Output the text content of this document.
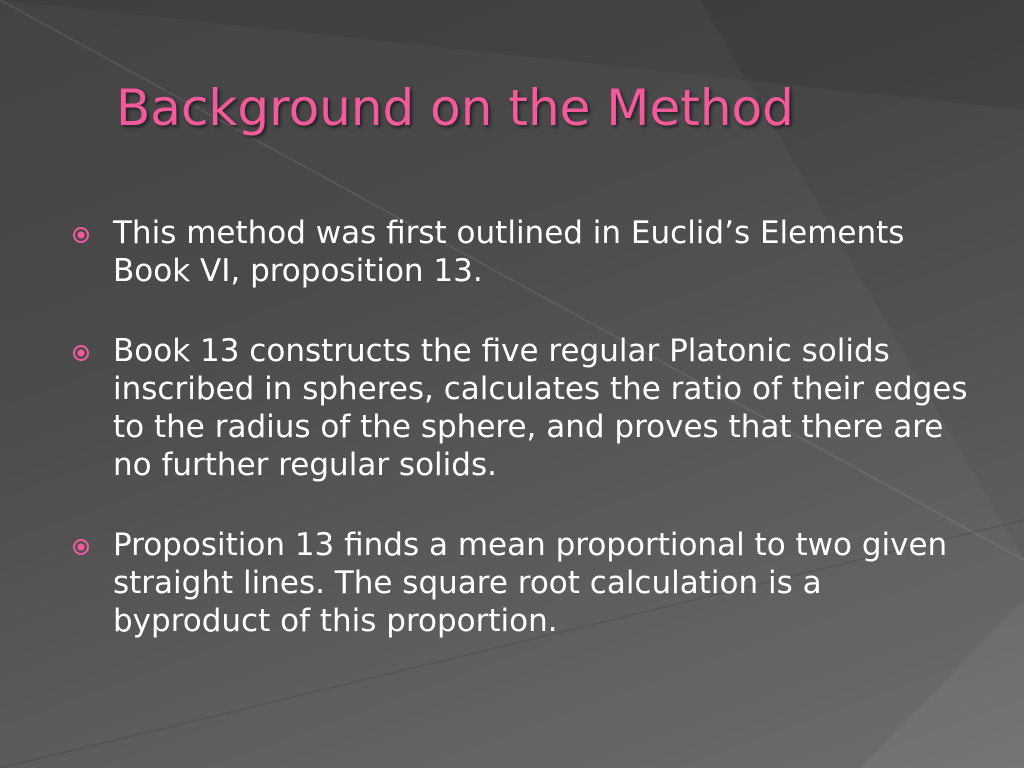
Background on the Method
This method was first outlined in Euclid’s Elements Book VI, proposition 13.
Book 13 constructs the five regular Platonic solids inscribed in spheres, calculates the ratio of their edges to the radius of the sphere, and proves that there are no further regular solids.
Proposition 13 finds a mean proportional to two given straight lines. The square root calculation is a byproduct of this proportion.
